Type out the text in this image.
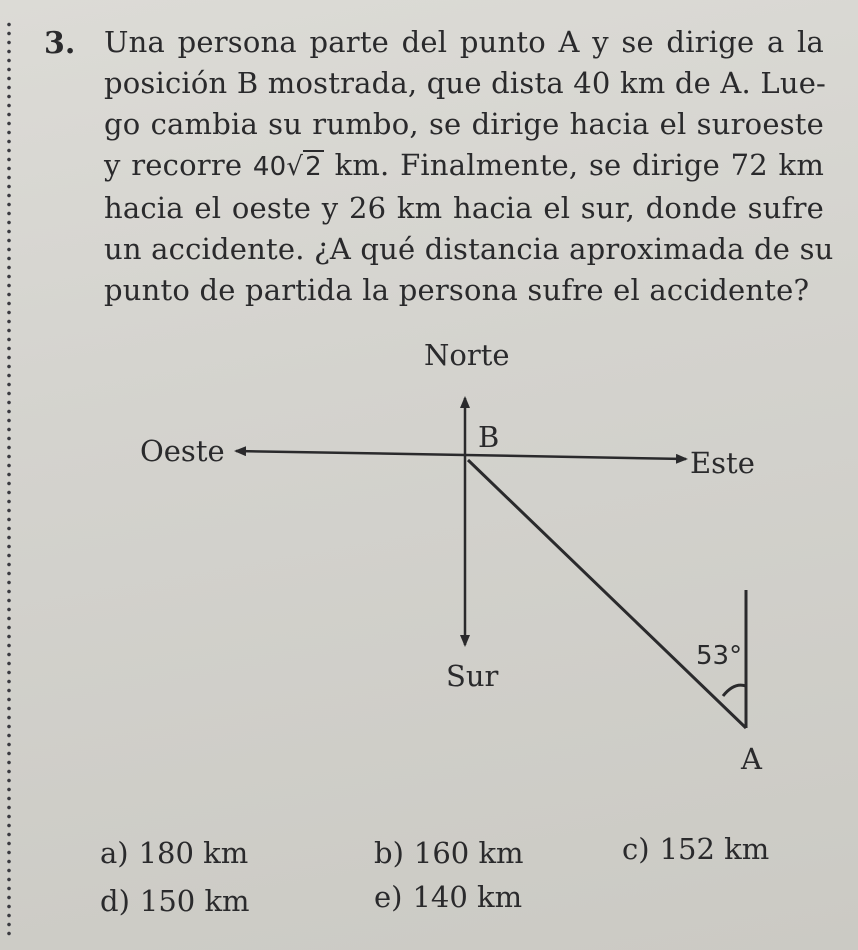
3. Una persona parte del punto A y se dirige a la
posición B mostrada, que dista 40 km de A. Lue-
go cambia su rumbo, se dirige hacia el suroeste
y recorre 40√2 km. Finalmente, se dirige 72 km
hacia el oeste y 26 km hacia el sur, donde sufre
un accidente. ¿A qué distancia aproximada de su
punto de partida la persona sufre el accidente?
Norte
Sur
Oeste	Este
B
A
53°
a) 180 km	b) 160 km	c) 152 km
d) 150 km	e) 140 km
